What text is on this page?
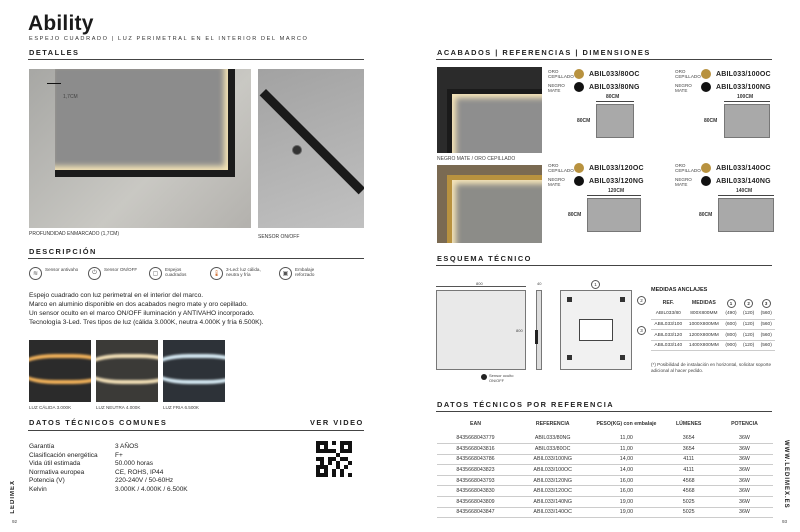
Ability
ESPEJO CUADRADO | LUZ PERIMETRAL EN EL INTERIOR DEL MARCO
DETALLES
1,7CM
PROFUNDIDAD ENMARCADO (1,7CM)	SENSOR ON/OFF
DESCRIPCIÓN
≋
Sensor antivaho
⏻
Sensor ON/OFF
▢
Espejos cuadrados	🌡
3-Led: luz cálida, neutra y fría	▣
Embalaje reforzado
Espejo cuadrado con luz perimetral en el interior del marco.
Marco en aluminio disponible en dos acabados negro mate y oro cepillado.
Un sensor oculto en el marco ON/OFF iluminación y ANTIVAHO incorporado.
Tecnología 3-Led. Tres tipos de luz (cálida 3.000K, neutra 4.000K y fría 6.500K).
LUZ CÁLIDA 3.000K	LUZ NEUTRA 4.000K	LUZ FRIA 6.500K
DATOS TÉCNICOS COMUNES	VER VIDEO
Garantía	3 AÑOS
Clasificación energética	F+
Vida útil estimada	50.000 horas
Normativa europea	CE, ROHS, IP44
Potencia (V)	220-240V / 50-60Hz
Kelvin	3.000K / 4.000K / 6.500K
LEDIMEX
92
ACABADOS | REFERENCIAS | DIMENSIONES
NEGRO MATE / ORO CEPILLADO
ORO CEPILLADO ABIL033/80OC
NEGRO MATE	ABIL033/80NG
80CM
80CM
ORO CEPILLADO ABIL033/100OC
NEGRO MATE	ABIL033/100NG
100CM
80CM
ORO CEPILLADO ABIL033/120OC
NEGRO MATE	ABIL033/120NG
120CM
80CM
ORO CEPILLADO ABIL033/140OC
NEGRO MATE	ABIL033/140NG
140CM
80CM
ESQUEMA TÉCNICO
800
800
40
Sensor oculto ON/OFF
1
2
3
MEDIDAS ANCLAJES
REF.	MEDIDAS	1	2	3
ABIL033/80	800X800MM	(490)	(120)	(560)
ABIL033/100	1000X800MM	(600)	(120)	(560)
ABIL033/120	1200X800MM	(800)	(120)	(560)
ABIL033/140	1400X800MM	(900)	(120)	(560)
(*) Posibilidad de instalación en horizontal, solicitar soporte adicional al hacer pedido.
DATOS TÉCNICOS POR REFERENCIA
EAN	REFERENCIA	PESO(KG) con embalaje	LÚMENES	POTENCIA
8435668043779	ABIL033/80NG	11,00	3654	36W
8435668043816	ABIL033/80OC	11,00	3654	36W
8435668043786	ABIL033/100NG	14,00	4111	36W
8435668043823	ABIL033/100OC	14,00	4111	36W
8435668043793	ABIL033/120NG	16,00	4568	36W
8435668043830	ABIL033/120OC	16,00	4568	36W
8435668043809	ABIL033/140NG	19,00	5025	36W
8435668043847	ABIL033/140OC	19,00	5025	36W
WWW.LEDIMEX.ES
93
